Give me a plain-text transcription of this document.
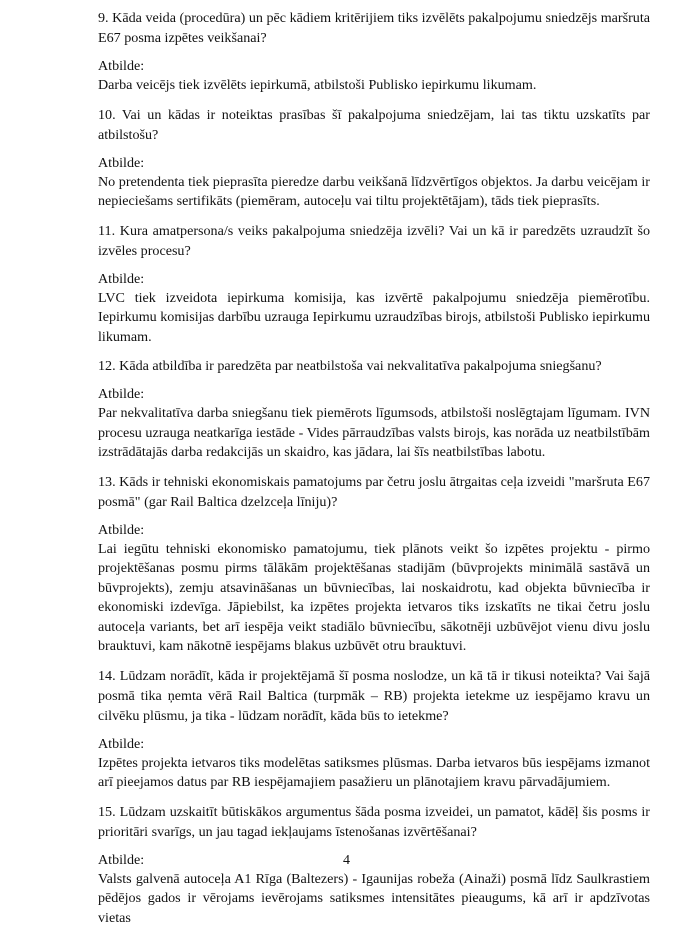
9. Kāda veida (procedūra) un pēc kādiem kritērijiem tiks izvēlēts pakalpojumu sniedzējs maršruta E67 posma izpētes veikšanai?

Atbilde:

Darba veicējs tiek izvēlēts iepirkumā, atbilstoši Publisko iepirkumu likumam.

10. Vai un kādas ir noteiktas prasības šī pakalpojuma sniedzējam, lai tas tiktu uzskatīts par atbilstošu?

Atbilde:

No pretendenta tiek pieprasīta pieredze darbu veikšanā līdzvērtīgos objektos. Ja darbu veicējam ir nepieciešams sertifikāts (piemēram, autoceļu vai tiltu projektētājam), tāds tiek pieprasīts.

11. Kura amatpersona/s veiks pakalpojuma sniedzēja izvēli? Vai un kā ir paredzēts uzraudzīt šo izvēles procesu?

Atbilde:

LVC tiek izveidota iepirkuma komisija, kas izvērtē pakalpojumu sniedzēja piemērotību. Iepirkumu komisijas darbību uzrauga Iepirkumu uzraudzības birojs, atbilstoši Publisko iepirkumu likumam.

12. Kāda atbildība ir paredzēta par neatbilstoša vai nekvalitatīva pakalpojuma sniegšanu?

Atbilde:

Par nekvalitatīva darba sniegšanu tiek piemērots līgumsods, atbilstoši noslēgtajam līgumam. IVN procesu uzrauga neatkarīga iestāde - Vides pārraudzības valsts birojs, kas norāda uz neatbilstībām izstrādātajās darba redakcijās un skaidro, kas jādara, lai šīs neatbilstības labotu.

13. Kāds ir tehniski ekonomiskais pamatojums par četru joslu ātrgaitas ceļa izveidi "maršruta E67 posmā" (gar Rail Baltica dzelzceļa līniju)?

Atbilde:

Lai iegūtu tehniski ekonomisko pamatojumu, tiek plānots veikt šo izpētes projektu - pirmo projektēšanas posmu pirms tālākām projektēšanas stadijām (būvprojekts minimālā sastāvā un būvprojekts), zemju atsavināšanas un būvniecības, lai noskaidrotu, kad objekta būvniecība ir ekonomiski izdevīga. Jāpiebilst, ka izpētes projekta ietvaros tiks izskatīts ne tikai četru joslu autoceļa variants, bet arī iespēja veikt stadiālo būvniecību, sākotnēji uzbūvējot vienu divu joslu brauktuvi, kam nākotnē iespējams blakus uzbūvēt otru brauktuvi.

14. Lūdzam norādīt, kāda ir projektējamā šī posma noslodze, un kā tā ir tikusi noteikta? Vai šajā posmā tika ņemta vērā Rail Baltica (turpmāk – RB) projekta ietekme uz iespējamo kravu un cilvēku plūsmu, ja tika - lūdzam norādīt, kāda būs to ietekme?

Atbilde:

Izpētes projekta ietvaros tiks modelētas satiksmes plūsmas. Darba ietvaros būs iespējams izmanot arī pieejamos datus par RB iespējamajiem pasažieru un plānotajiem kravu pārvadājumiem.

15. Lūdzam uzskaitīt būtiskākos argumentus šāda posma izveidei, un pamatot, kādēļ šis posms ir prioritāri svarīgs, un jau tagad iekļaujams īstenošanas izvērtēšanai?

Atbilde:

Valsts galvenā autoceļa A1 Rīga (Baltezers) - Igaunijas robeža (Ainaži) posmā līdz Saulkrastiem pēdējos gados ir vērojams ievērojams satiksmes intensitātes pieaugums, kā arī ir apdzīvotas vietas

4
